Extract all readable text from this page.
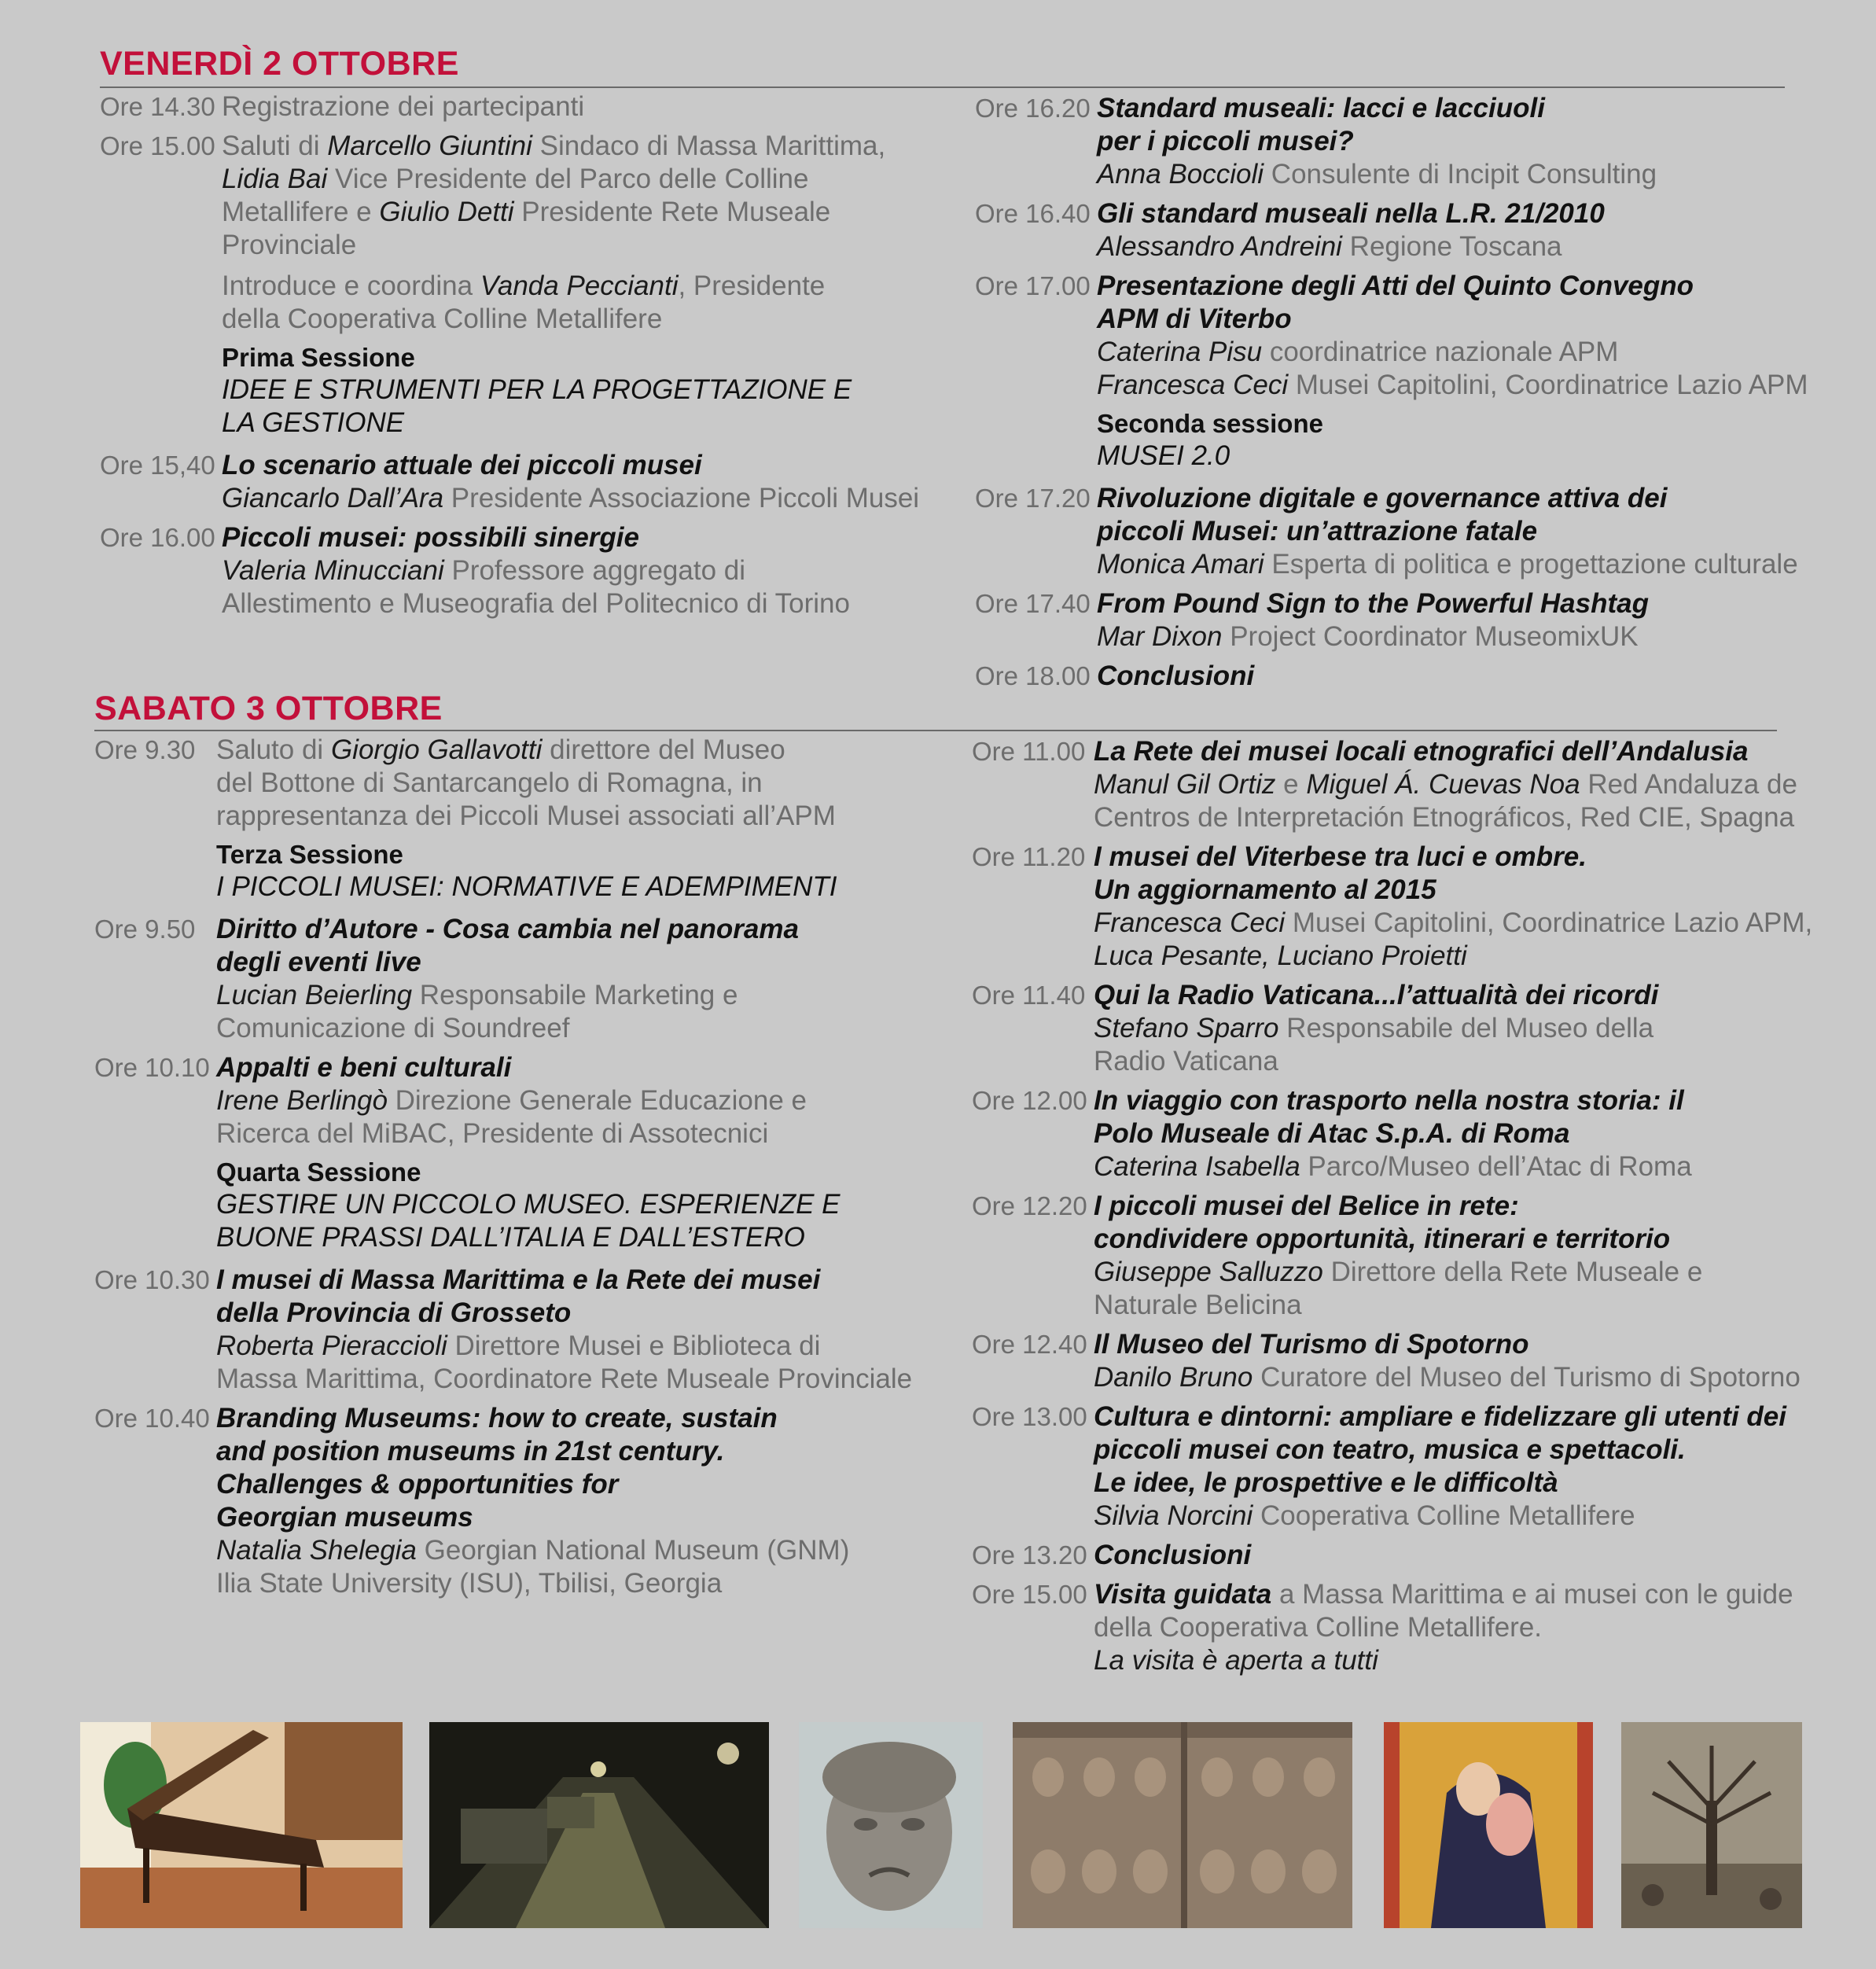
VENERDÌ 2 OTTOBRE
Ore 14.30 Registrazione dei partecipanti
Ore 15.00 Saluti di Marcello Giuntini Sindaco di Massa Marittima,
Lidia Bai Vice Presidente del Parco delle Colline
Metallifere e Giulio Detti Presidente Rete Museale
Provinciale
Introduce e coordina Vanda Peccianti, Presidente
della Cooperativa Colline Metallifere
Prima Sessione
IDEE E STRUMENTI PER LA PROGETTAZIONE E
LA GESTIONE
Ore 15,40 Lo scenario attuale dei piccoli musei
Giancarlo Dall’Ara Presidente Associazione Piccoli Musei
Ore 16.00 Piccoli musei: possibili sinergie
Valeria Minucciani Professore aggregato di
Allestimento e Museografia del Politecnico di Torino
Ore 16.20 Standard museali: lacci e lacciuoli
per i piccoli musei?
Anna Boccioli Consulente di Incipit Consulting
Ore 16.40 Gli standard museali nella L.R. 21/2010
Alessandro Andreini Regione Toscana
Ore 17.00 Presentazione degli Atti del Quinto Convegno
APM di Viterbo
Caterina Pisu coordinatrice nazionale APM
Francesca Ceci Musei Capitolini, Coordinatrice Lazio APM
Seconda sessione
MUSEI 2.0
Ore 17.20 Rivoluzione digitale e governance attiva dei
piccoli Musei: un’attrazione fatale
Monica Amari Esperta di politica e progettazione culturale
Ore 17.40 From Pound Sign to the Powerful Hashtag
Mar Dixon Project Coordinator MuseomixUK
Ore 18.00 Conclusioni
SABATO 3 OTTOBRE
Ore 9.30 Saluto di Giorgio Gallavotti direttore del Museo
del Bottone di Santarcangelo di Romagna, in
rappresentanza dei Piccoli Musei associati all’APM
Terza Sessione
I PICCOLI MUSEI: NORMATIVE E ADEMPIMENTI
Ore 9.50 Diritto d’Autore - Cosa cambia nel panorama
degli eventi live
Lucian Beierling Responsabile Marketing e
Comunicazione di Soundreef
Ore 10.10 Appalti e beni culturali
Irene Berlingò Direzione Generale Educazione e
Ricerca del MiBAC, Presidente di Assotecnici
Quarta Sessione
GESTIRE UN PICCOLO MUSEO. ESPERIENZE E
BUONE PRASSI DALL’ITALIA E DALL’ESTERO
Ore 10.30 I musei di Massa Marittima e la Rete dei musei
della Provincia di Grosseto
Roberta Pieraccioli Direttore Musei e Biblioteca di
Massa Marittima, Coordinatore Rete Museale Provinciale
Ore 10.40 Branding Museums: how to create, sustain
and position museums in 21st century.
Challenges & opportunities for
Georgian museums
Natalia Shelegia Georgian National Museum (GNM)
Ilia State University (ISU), Tbilisi, Georgia
Ore 11.00 La Rete dei musei locali etnografici dell’Andalusia
Manul Gil Ortiz e Miguel Á. Cuevas Noa Red Andaluza de
Centros de Interpretación Etnográficos, Red CIE, Spagna
Ore 11.20 I musei del Viterbese tra luci e ombre.
Un aggiornamento al 2015
Francesca Ceci Musei Capitolini, Coordinatrice Lazio APM,
Luca Pesante, Luciano Proietti
Ore 11.40 Qui la Radio Vaticana...l’attualità dei ricordi
Stefano Sparro Responsabile del Museo della
Radio Vaticana
Ore 12.00 In viaggio con trasporto nella nostra storia: il
Polo Museale di Atac S.p.A. di Roma
Caterina Isabella Parco/Museo dell’Atac di Roma
Ore 12.20 I piccoli musei del Belice in rete:
condividere opportunità, itinerari e territorio
Giuseppe Salluzzo Direttore della Rete Museale e
Naturale Belicina
Ore 12.40 Il Museo del Turismo di Spotorno
Danilo Bruno Curatore del Museo del Turismo di Spotorno
Ore 13.00 Cultura e dintorni: ampliare e fidelizzare gli utenti dei
piccoli musei con teatro, musica e spettacoli.
Le idee, le prospettive e le difficoltà
Silvia Norcini Cooperativa Colline Metallifere
Ore 13.20 Conclusioni
Ore 15.00 Visita guidata a Massa Marittima e ai musei con le guide
della Cooperativa Colline Metallifere.
La visita è aperta a tutti
